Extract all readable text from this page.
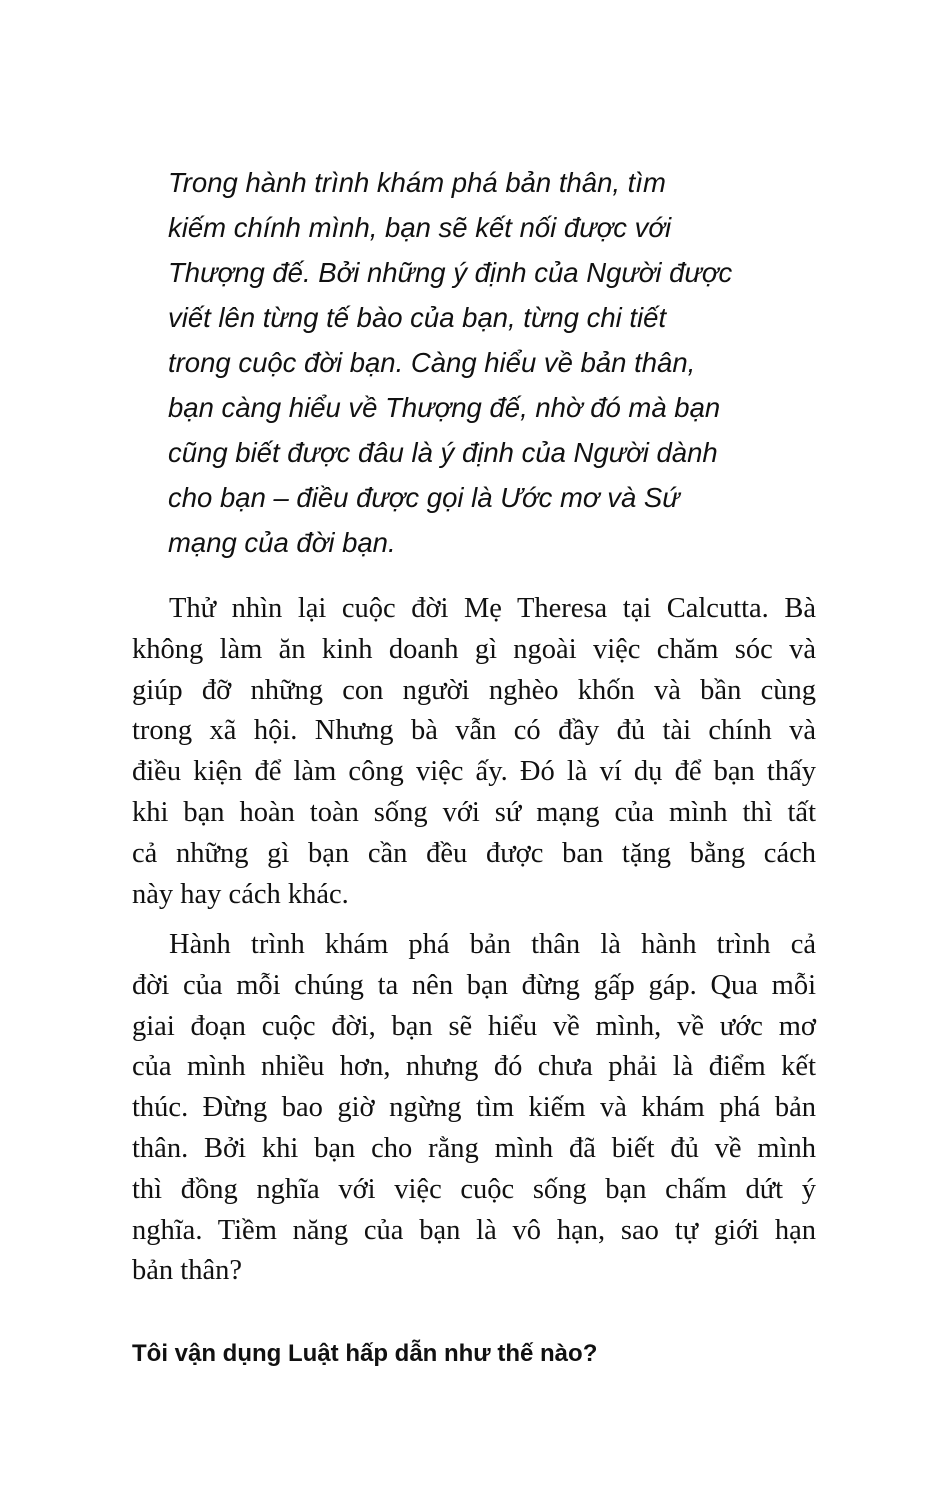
Trong hành trình khám phá bản thân, tìm
kiếm chính mình, bạn sẽ kết nối được với
Thượng đế. Bởi những ý định của Người được
viết lên từng tế bào của bạn, từng chi tiết
trong cuộc đời bạn. Càng hiểu về bản thân,
bạn càng hiểu về Thượng đế, nhờ đó mà bạn
cũng biết được đâu là ý định của Người dành
cho bạn – điều được gọi là Ước mơ và Sứ
mạng của đời bạn.

Thử nhìn lại cuộc đời Mẹ Theresa tại Calcutta. Bà
không làm ăn kinh doanh gì ngoài việc chăm sóc và
giúp đỡ những con người nghèo khốn và bần cùng
trong xã hội. Nhưng bà vẫn có đầy đủ tài chính và
điều kiện để làm công việc ấy. Đó là ví dụ để bạn thấy
khi bạn hoàn toàn sống với sứ mạng của mình thì tất
cả những gì bạn cần đều được ban tặng bằng cách
này hay cách khác.

Hành trình khám phá bản thân là hành trình cả
đời của mỗi chúng ta nên bạn đừng gấp gáp. Qua mỗi
giai đoạn cuộc đời, bạn sẽ hiểu về mình, về ước mơ
của mình nhiều hơn, nhưng đó chưa phải là điểm kết
thúc. Đừng bao giờ ngừng tìm kiếm và khám phá bản
thân. Bởi khi bạn cho rằng mình đã biết đủ về mình
thì đồng nghĩa với việc cuộc sống bạn chấm dứt ý
nghĩa. Tiềm năng của bạn là vô hạn, sao tự giới hạn
bản thân?

Tôi vận dụng Luật hấp dẫn như thế nào?
